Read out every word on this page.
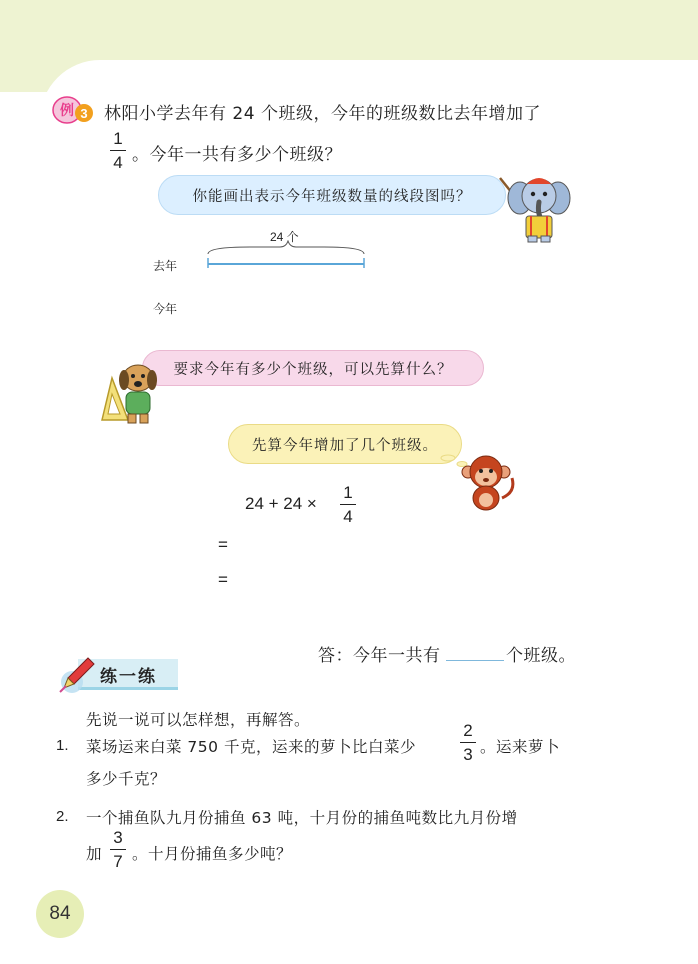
例 3 林阳小学去年有 24 个班级，今年的班级数比去年增加了
1
4 。今年一共有多少个班级？
你能画出表示今年班级数量的线段图吗？
24 个
去年
今年
要求今年有多少个班级，可以先算什么？
先算今年增加了几个班级。
24 + 24 ×
1
4
=
=
答：今年一共有	个班级。
练一练
先说一说可以怎样想，再解答。
1. 菜场运来白菜 750 千克，运来的萝卜比白菜少
2
3 。运来萝卜
多少千克？
2. 一个捕鱼队九月份捕鱼 63 吨，十月份的捕鱼吨数比九月份增
加
3
7 。十月份捕鱼多少吨？
84
